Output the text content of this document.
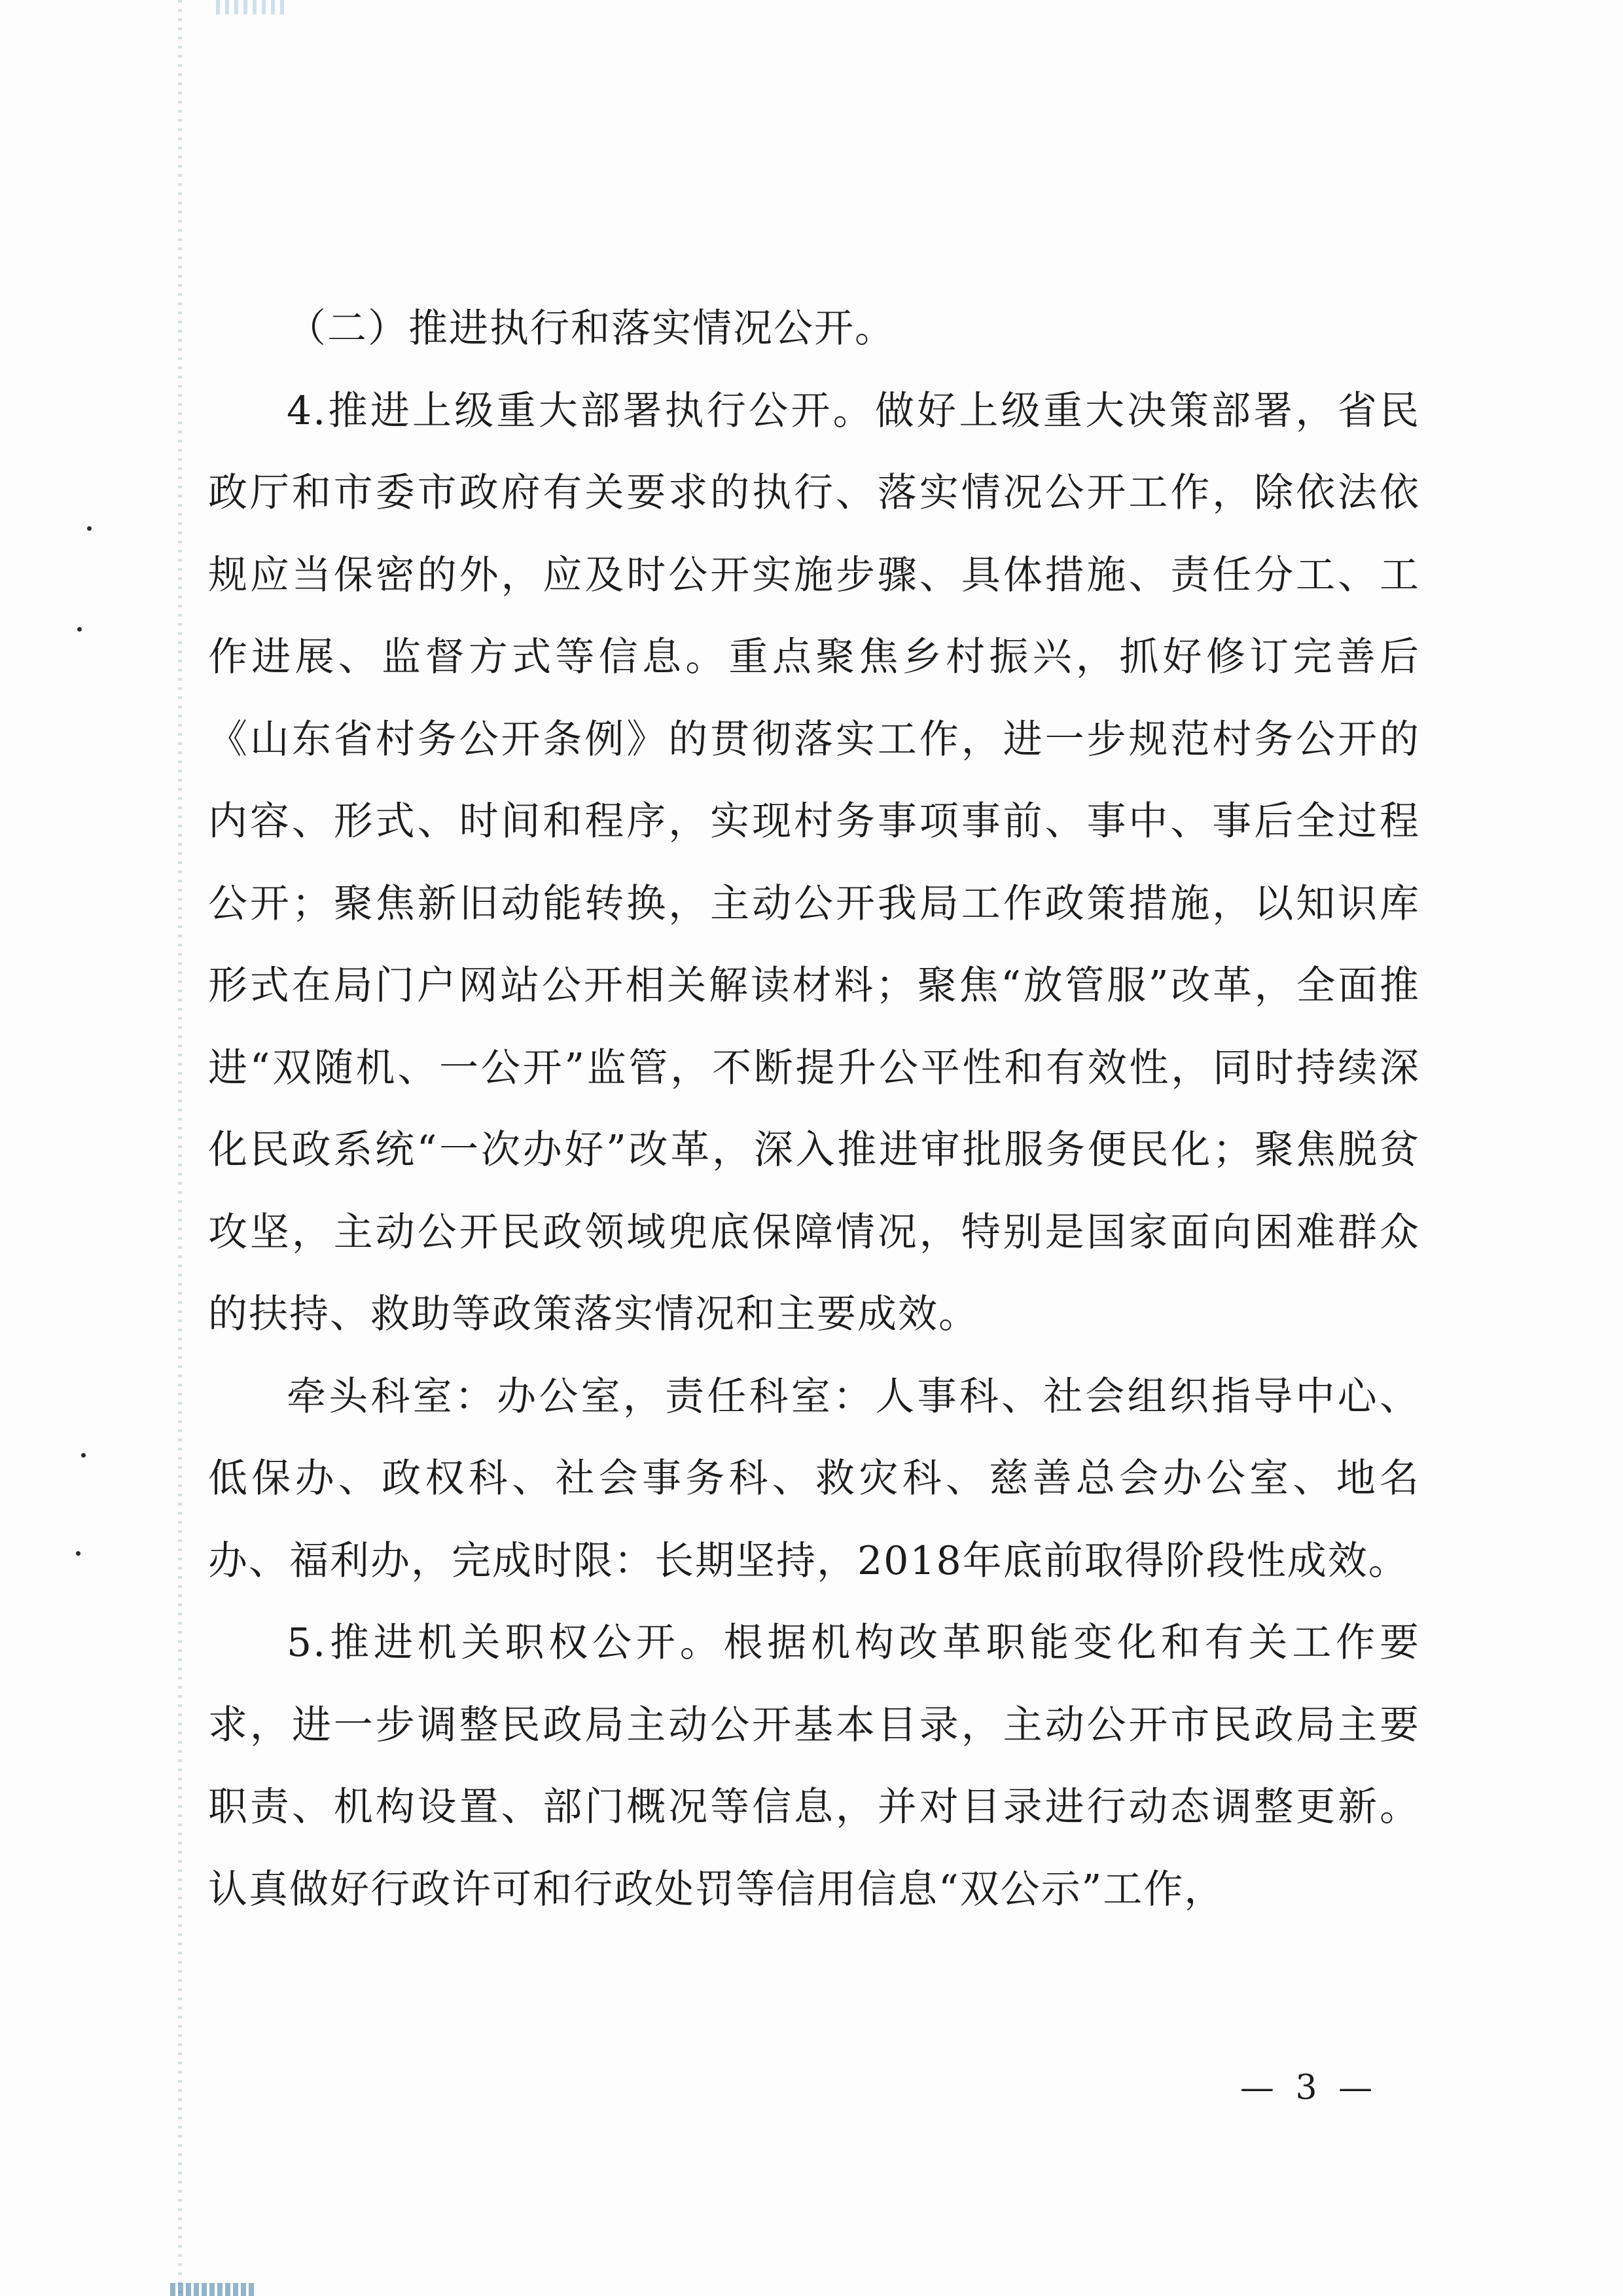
（二）推进执行和落实情况公开。

4.推进上级重大部署执行公开。做好上级重大决策部署，省民政厅和市委市政府有关要求的执行、落实情况公开工作，除依法依规应当保密的外，应及时公开实施步骤、具体措施、责任分工、工作进展、监督方式等信息。重点聚焦乡村振兴，抓好修订完善后《山东省村务公开条例》的贯彻落实工作，进一步规范村务公开的内容、形式、时间和程序，实现村务事项事前、事中、事后全过程公开；聚焦新旧动能转换，主动公开我局工作政策措施，以知识库形式在局门户网站公开相关解读材料；聚焦“放管服”改革，全面推进“双随机、一公开”监管，不断提升公平性和有效性，同时持续深化民政系统“一次办好”改革，深入推进审批服务便民化；聚焦脱贫攻坚，主动公开民政领域兜底保障情况，特别是国家面向困难群众的扶持、救助等政策落实情况和主要成效。

牵头科室：办公室，责任科室：人事科、社会组织指导中心、低保办、政权科、社会事务科、救灾科、慈善总会办公室、地名办、福利办，完成时限：长期坚持，2018年底前取得阶段性成效。

5.推进机关职权公开。根据机构改革职能变化和有关工作要求，进一步调整民政局主动公开基本目录，主动公开市民政局主要职责、机构设置、部门概况等信息，并对目录进行动态调整更新。认真做好行政许可和行政处罚等信用信息“双公示”工作，

— 3 —
